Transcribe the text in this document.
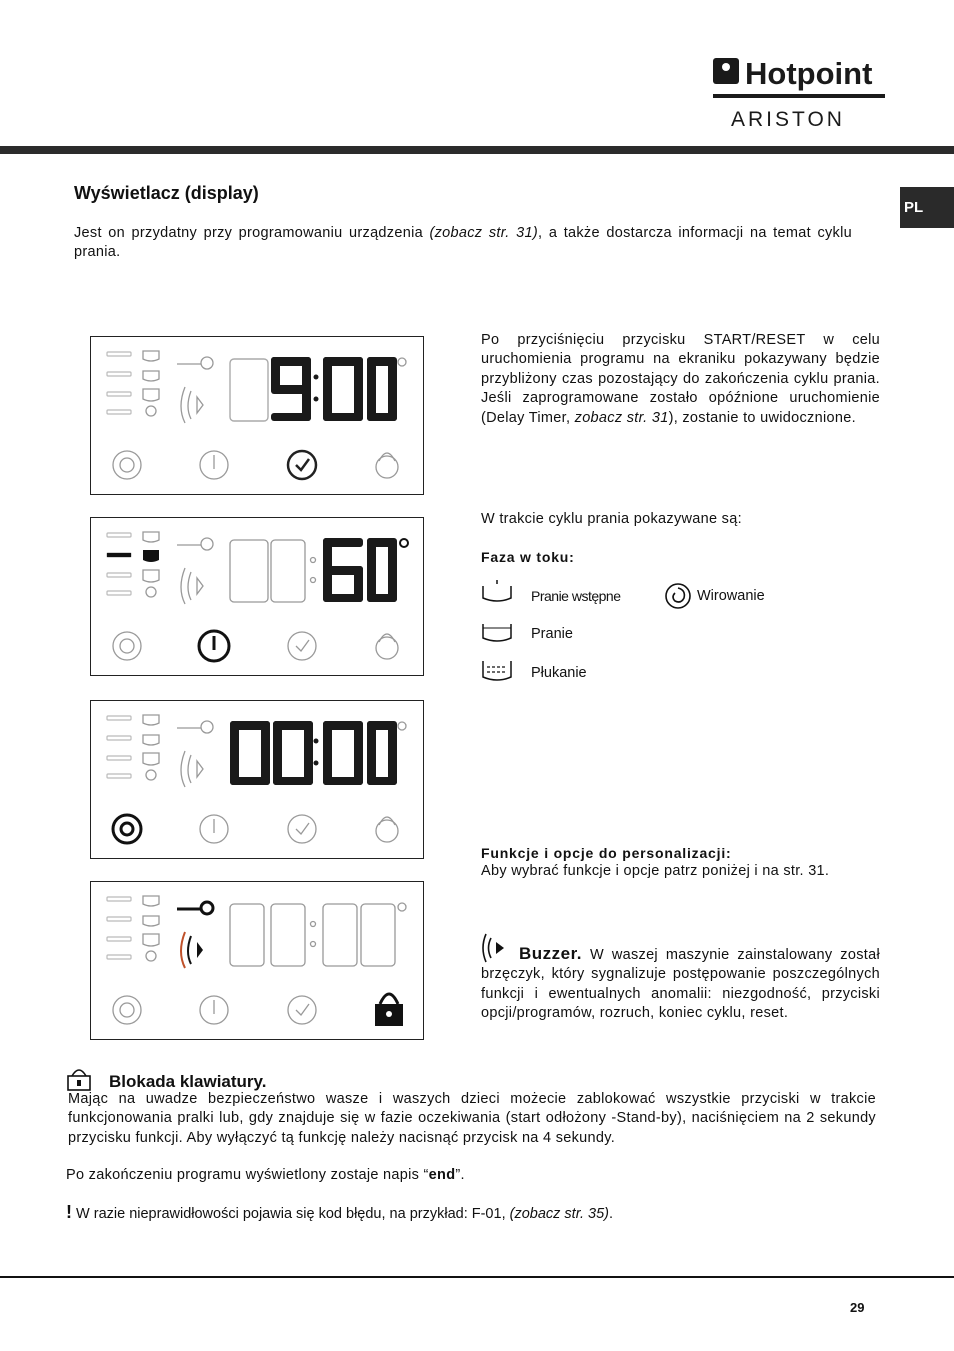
Hotpoint
ARISTON
PL
Wyświetlacz (display)
Jest on przydatny przy programowaniu urządzenia (zobacz str. 31), a także dostarcza informacji na temat cyklu prania.
Po przyciśnięciu przycisku START/RESET w celu uruchomienia programu na ekraniku pokazywany będzie przybliżony czas pozostający do zakończenia cyklu prania. Jeśli zaprogramowane zostało opóźnione uruchomienie (Delay Timer, zobacz str. 31), zostanie to uwidocznione.
W trakcie cyklu prania pokazywane są:
Faza w toku:
Pranie wstępne	Wirowanie
Pranie
Płukanie
Funkcje i opcje do personalizacji:
Aby wybrać funkcje i opcje patrz poniżej i na str. 31.
Buzzer. W waszej maszynie zainstalowany został brzęczyk, który sygnalizuje postępowanie poszczególnych funkcji i ewentualnych anomalii: niezgodność, przyciski opcji/programów, rozruch, koniec cyklu, reset.
Blokada klawiatury.
Mając na uwadze bezpieczeństwo wasze i waszych dzieci możecie zablokować wszystkie przyciski w trakcie funkcjonowania pralki lub, gdy znajduje się w fazie oczekiwania (start odłożony -Stand-by), naciśnięciem na 2 sekundy przycisku funkcji. Aby wyłączyć tą funkcję należy nacisnąć przycisk na 4 sekundy.
Po zakończeniu programu wyświetlony zostaje napis “end”.
! W razie nieprawidłowości pojawia się kod błędu, na przykład: F-01, (zobacz str. 35).
29
